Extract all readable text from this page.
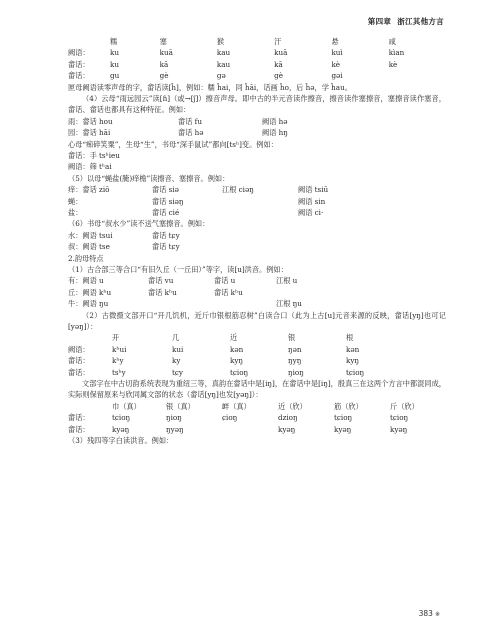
第四章 浙江其他方言
糯	塞	猴	汗	悬	咸
阙语：	ku	kuā	kau	kuā	kuì	kìan
畲话：	ku	kā	kau	kā	kè	kè
畲话：	gu	gè	gə	gè	gəi
匣母阙语读零声母的字，畲话读[ĥ]，例如：糯 ĥai，同 ĥāi，话画 ĥo，后 ĥə，学 ĥau。
（4）云母“雨远园云”读[ɦ]（或→[ʃ]）擦音声母。即中古的半元音读作擦音，擦音读作塞擦音，塞擦音读作塞音，畲话、畲话也都具有这种特征。例如：
雨：畲话 hou	畲话 fu	阙语 hə
园：畲话 hāi	畲话 hə	阙语 hŋ
心母“痴碎笑粟”，生母“生”，书母“深手鼠试”都向[tsʰ]变。例如：
畲话：手 tsʰieu
阙语：筛 tʰai
（5）以母“蝇盐(腌)痒檐”读擦音、塞擦音。例如：
痒：畲话 ziō	畲话 siə	江根 ciəŋ	阙语 tsiū
蝇：	畲话 siəŋ	阙语 sin
盐：	畲话 cié	阙语 ci·
（6）书母“叔水少”读不送气塞擦音。例如：
水：阙语 tsui	畲话 tɕy
叔：阙语 tse	畲话 tɕy
2.韵母特点
（1）古合部三等合口“有旧久丘（一丘田）”等字，读[u]洪音。例如：
有：阙语 u	畲话 vu	畲话 u	江根 u
丘：阙语 kʰu	畲话 kʰu	畲话 kʰu
牛：阙语 ŋu	江根 ŋu
（2）古微摄文部开口“开几饥机，近斤巾银根筋忍树”白读合口（此为上古[u]元音来源的反映，畲话[yŋ]也可记[yəŋ]）：
开	几	近	银	根
阙语：	kʰui	kui	kən	ŋən	kən
畲话：	kʰy	ky	kyŋ	ŋyŋ	kyŋ
畲话：	tsʰy	tɕy	tɕioŋ	ŋioŋ	tɕioŋ
文部字在中古切韵系统表现为重纽三等，真韵在畲话中是[iŋ]，在畲话中是[iŋ]，殷真三在这两个方言中都混同成，实际则保留原来与欣同属文部的状态（畲话[yŋ]也发[yəŋ]）：
巾（真）	银（真）	衅（真）	近（欣）	筋（欣）	斤（欣）
畲话：	tɕioŋ	ŋioŋ	ɕioŋ	dzioŋ	tɕioŋ	tɕioŋ
畲话：	kyəŋ	ŋyəŋ	kyəŋ	kyəŋ	kyəŋ
（3）残四等字白读洪音。例如：
383 ※
